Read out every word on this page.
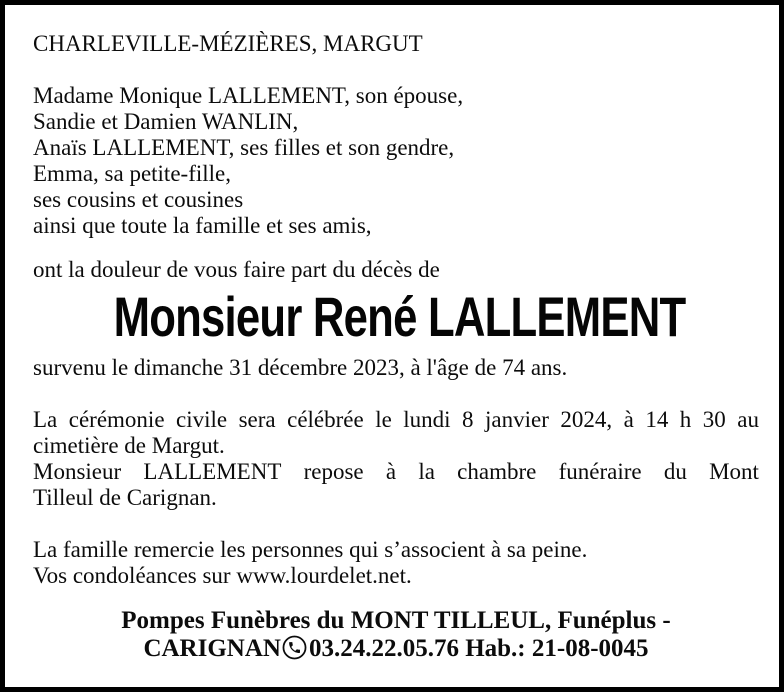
CHARLEVILLE-MÉZIÈRES, MARGUT
Madame Monique LALLEMENT, son épouse,
Sandie et Damien WANLIN,
Anaïs LALLEMENT, ses filles et son gendre,
Emma, sa petite-fille,
ses cousins et cousines
ainsi que toute la famille et ses amis,
ont la douleur de vous faire part du décès de
Monsieur René LALLEMENT
survenu le dimanche 31 décembre 2023, à l'âge de 74 ans.
La cérémonie civile sera célébrée le lundi 8 janvier 2024, à 14 h 30 au
cimetière de Margut.
Monsieur LALLEMENT repose à la chambre funéraire du Mont
Tilleul de Carignan.
La famille remercie les personnes qui s’associent à sa peine.
Vos condoléances sur www.lourdelet.net.
Pompes Funèbres du MONT TILLEUL, Funéplus -
CARIGNAN 03.24.22.05.76 Hab.: 21-08-0045
